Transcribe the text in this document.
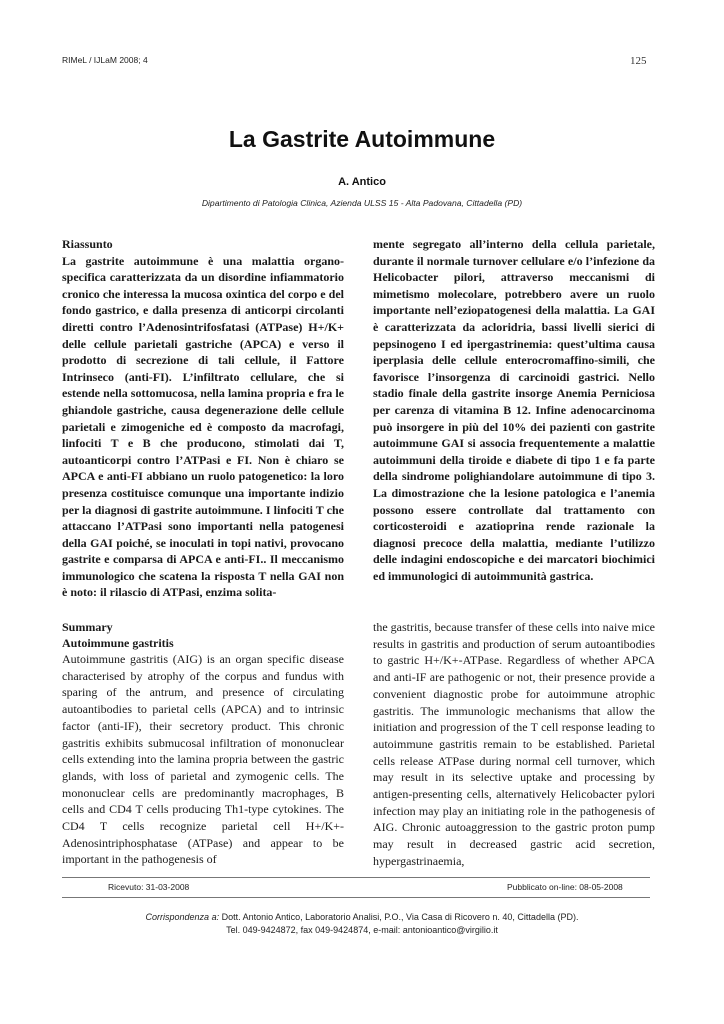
RIMeL / IJLaM 2008; 4	125
La Gastrite Autoimmune
A. Antico
Dipartimento di Patologia Clinica, Azienda ULSS 15 - Alta Padovana, Cittadella (PD)

Riassunto

La gastrite autoimmune è una malattia organo-specifica caratterizzata da un disordine infiammatorio cronico che interessa la mucosa oxintica del corpo e del fondo gastrico, e dalla presenza di anticorpi circolanti diretti contro l’Adenosintrifosfatasi (ATPase) H+/K+ delle cellule parietali gastriche (APCA) e verso il prodotto di secrezione di tali cellule, il Fattore Intrinseco (anti-FI). L’infiltrato cellulare, che si estende nella sottomucosa, nella lamina propria e fra le ghiandole gastriche, causa degenerazione delle cellule parietali e zimogeniche ed è composto da macrofagi, linfociti T e B che producono, stimolati dai T, autoanticorpi contro l’ATPasi e FI. Non è chiaro se APCA e anti-FI abbiano un ruolo patogenetico: la loro presenza costituisce comunque una importante indizio per la diagnosi di gastrite autoimmune. I linfociti T che attaccano l’ATPasi sono importanti nella patogenesi della GAI poiché, se inoculati in topi nativi, provocano gastrite e comparsa di APCA e anti-FI.. Il meccanismo immunologico che scatena la risposta T nella GAI non è noto: il rilascio di ATPasi, enzima solita-

mente segregato all’interno della cellula parietale, durante il normale turnover cellulare e/o l’infezione da Helicobacter pilori, attraverso meccanismi di mimetismo molecolare, potrebbero avere un ruolo importante nell’eziopatogenesi della malattia. La GAI è caratterizzata da acloridria, bassi livelli sierici di pepsinogeno I ed ipergastrinemia: quest’ultima causa iperplasia delle cellule enterocromaffino-simili, che favorisce l’insorgenza di carcinoidi gastrici. Nello stadio finale della gastrite insorge Anemia Perniciosa per carenza di vitamina B 12. Infine adenocarcinoma può insorgere in più del 10% dei pazienti con gastrite autoimmune GAI si associa frequentemente a malattie autoimmuni della tiroide e diabete di tipo 1 e fa parte della sindrome polighiandolare autoimmune di tipo 3. La dimostrazione che la lesione patologica e l’anemia possono essere controllate dal trattamento con corticosteroidi e azatioprina rende razionale la diagnosi precoce della malattia, mediante l’utilizzo delle indagini endoscopiche e dei marcatori biochimici ed immunologici di autoimmunità gastrica.

Summary

Autoimmune gastritis

Autoimmune gastritis (AIG) is an organ specific disease characterised by atrophy of the corpus and fundus with sparing of the antrum, and presence of circulating autoantibodies to parietal cells (APCA) and to intrinsic factor (anti-IF), their secretory product. This chronic gastritis exhibits submucosal infiltration of mononuclear cells extending into the lamina propria between the gastric glands, with loss of parietal and zymogenic cells. The mononuclear cells are predominantly macrophages, B cells and CD4 T cells producing Th1-type cytokines. The CD4 T cells recognize parietal cell H+/K+-Adenosintriphosphatase (ATPase) and appear to be important in the pathogenesis of

the gastritis, because transfer of these cells into naive mice results in gastritis and production of serum autoantibodies to gastric H+/K+-ATPase. Regardless of whether APCA and anti-IF are pathogenic or not, their presence provide a convenient diagnostic probe for autoimmune atrophic gastritis. The immunologic mechanisms that allow the initiation and progression of the T cell response leading to autoimmune gastritis remain to be established. Parietal cells release ATPase during normal cell turnover, which may result in its selective uptake and processing by antigen-presenting cells, alternatively Helicobacter pylori infection may play an initiating role in the pathogenesis of AIG. Chronic autoaggression to the gastric proton pump may result in decreased gastric acid secretion, hypergastrinaemia,

Ricevuto: 31-03-2008	Pubblicato on-line: 08-05-2008
Corrispondenza a: Dott. Antonio Antico, Laboratorio Analisi, P.O., Via Casa di Ricovero n. 40, Cittadella (PD).
Tel. 049-9424872, fax 049-9424874, e-mail: antonioantico@virgilio.it
